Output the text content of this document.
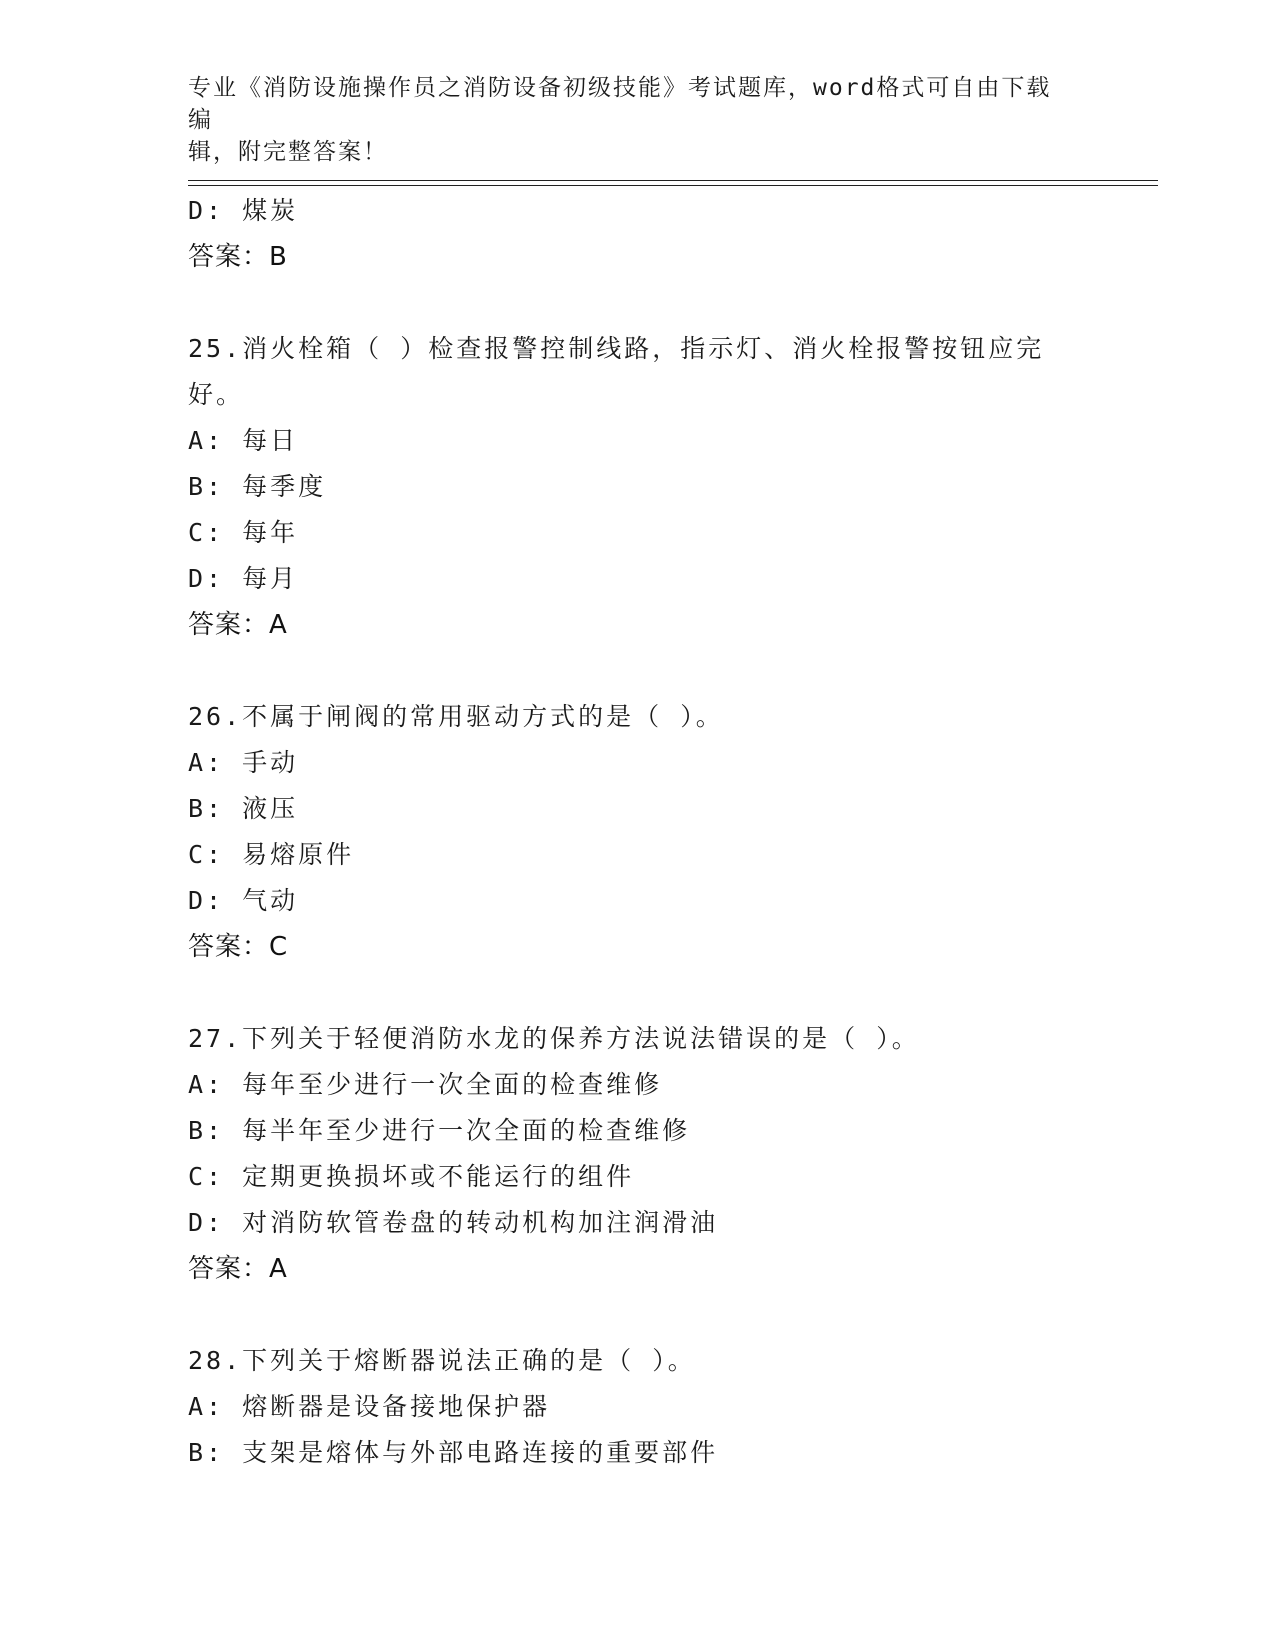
专业《消防设施操作员之消防设备初级技能》考试题库，word格式可自由下载编
辑，附完整答案！
D: 煤炭
答案：B
25.消火栓箱（ ）检查报警控制线路，指示灯、消火栓报警按钮应完
好。
A: 每日
B: 每季度
C: 每年
D: 每月
答案：A
26.不属于闸阀的常用驱动方式的是（ ）。
A: 手动
B: 液压
C: 易熔原件
D: 气动
答案：C
27.下列关于轻便消防水龙的保养方法说法错误的是（ ）。
A: 每年至少进行一次全面的检查维修
B: 每半年至少进行一次全面的检查维修
C: 定期更换损坏或不能运行的组件
D: 对消防软管卷盘的转动机构加注润滑油
答案：A
28.下列关于熔断器说法正确的是（ ）。
A: 熔断器是设备接地保护器
B: 支架是熔体与外部电路连接的重要部件
